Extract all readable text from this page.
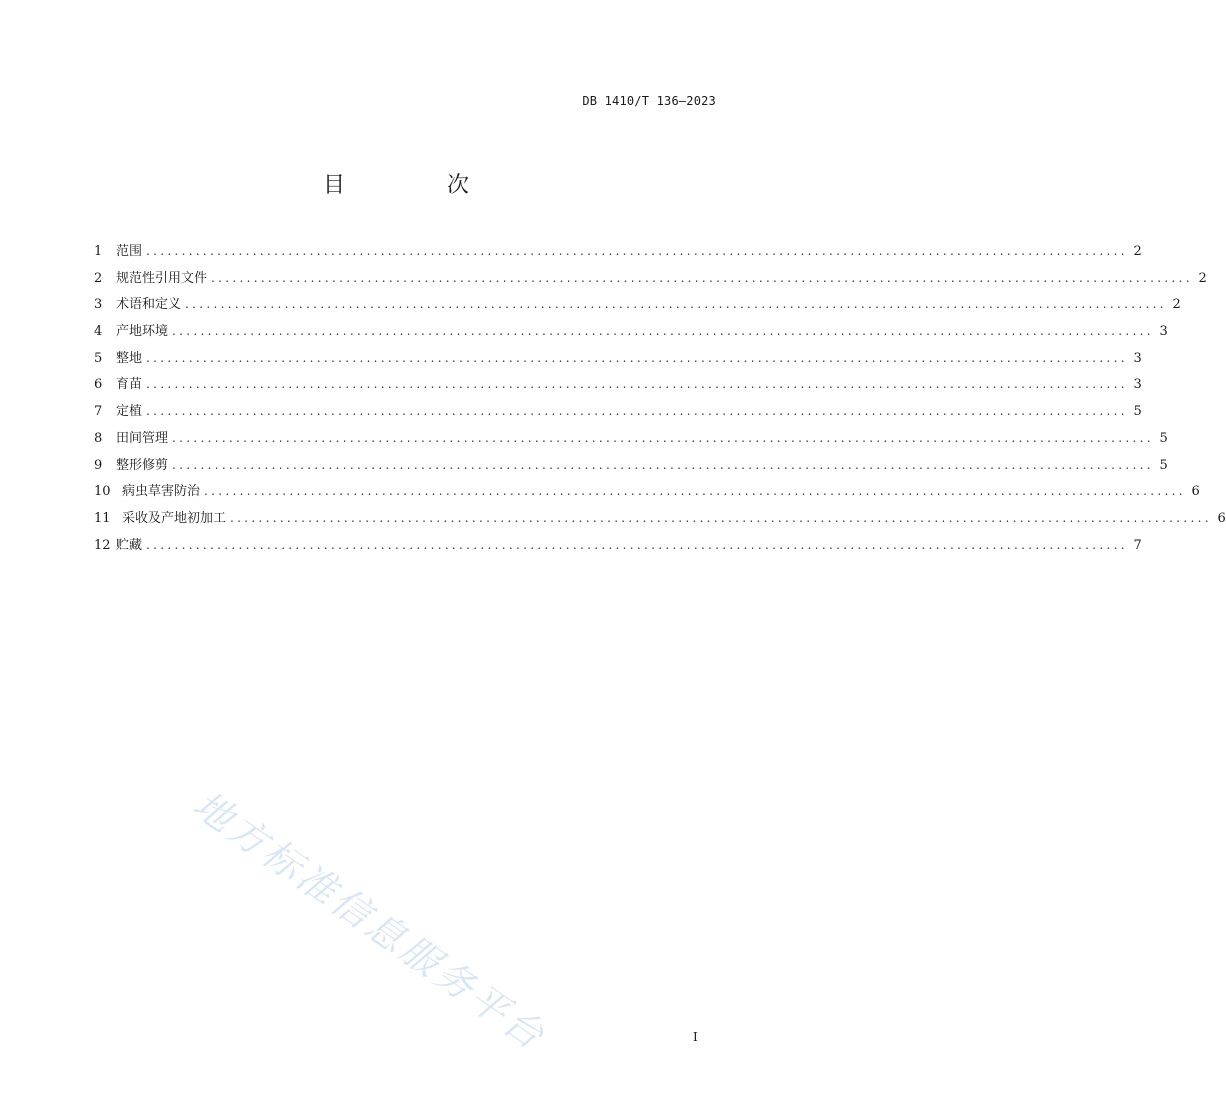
DB 1410/T 136—2023
目　次
1	范围 .......................................................................................................................................... 2
2	规范性引用文件 .......................................................................................................................................... 2
3	术语和定义 .......................................................................................................................................... 2
4	产地环境 .......................................................................................................................................... 3
5	整地 .......................................................................................................................................... 3
6	育苗 .......................................................................................................................................... 3
7	定植 .......................................................................................................................................... 5
8	田间管理 .......................................................................................................................................... 5
9	整形修剪 .......................................................................................................................................... 5
10 病虫草害防治 .......................................................................................................................................... 6
11 采收及产地初加工 .......................................................................................................................................... 6
12 贮藏 .......................................................................................................................................... 7
地方标准信息服务平台	I
